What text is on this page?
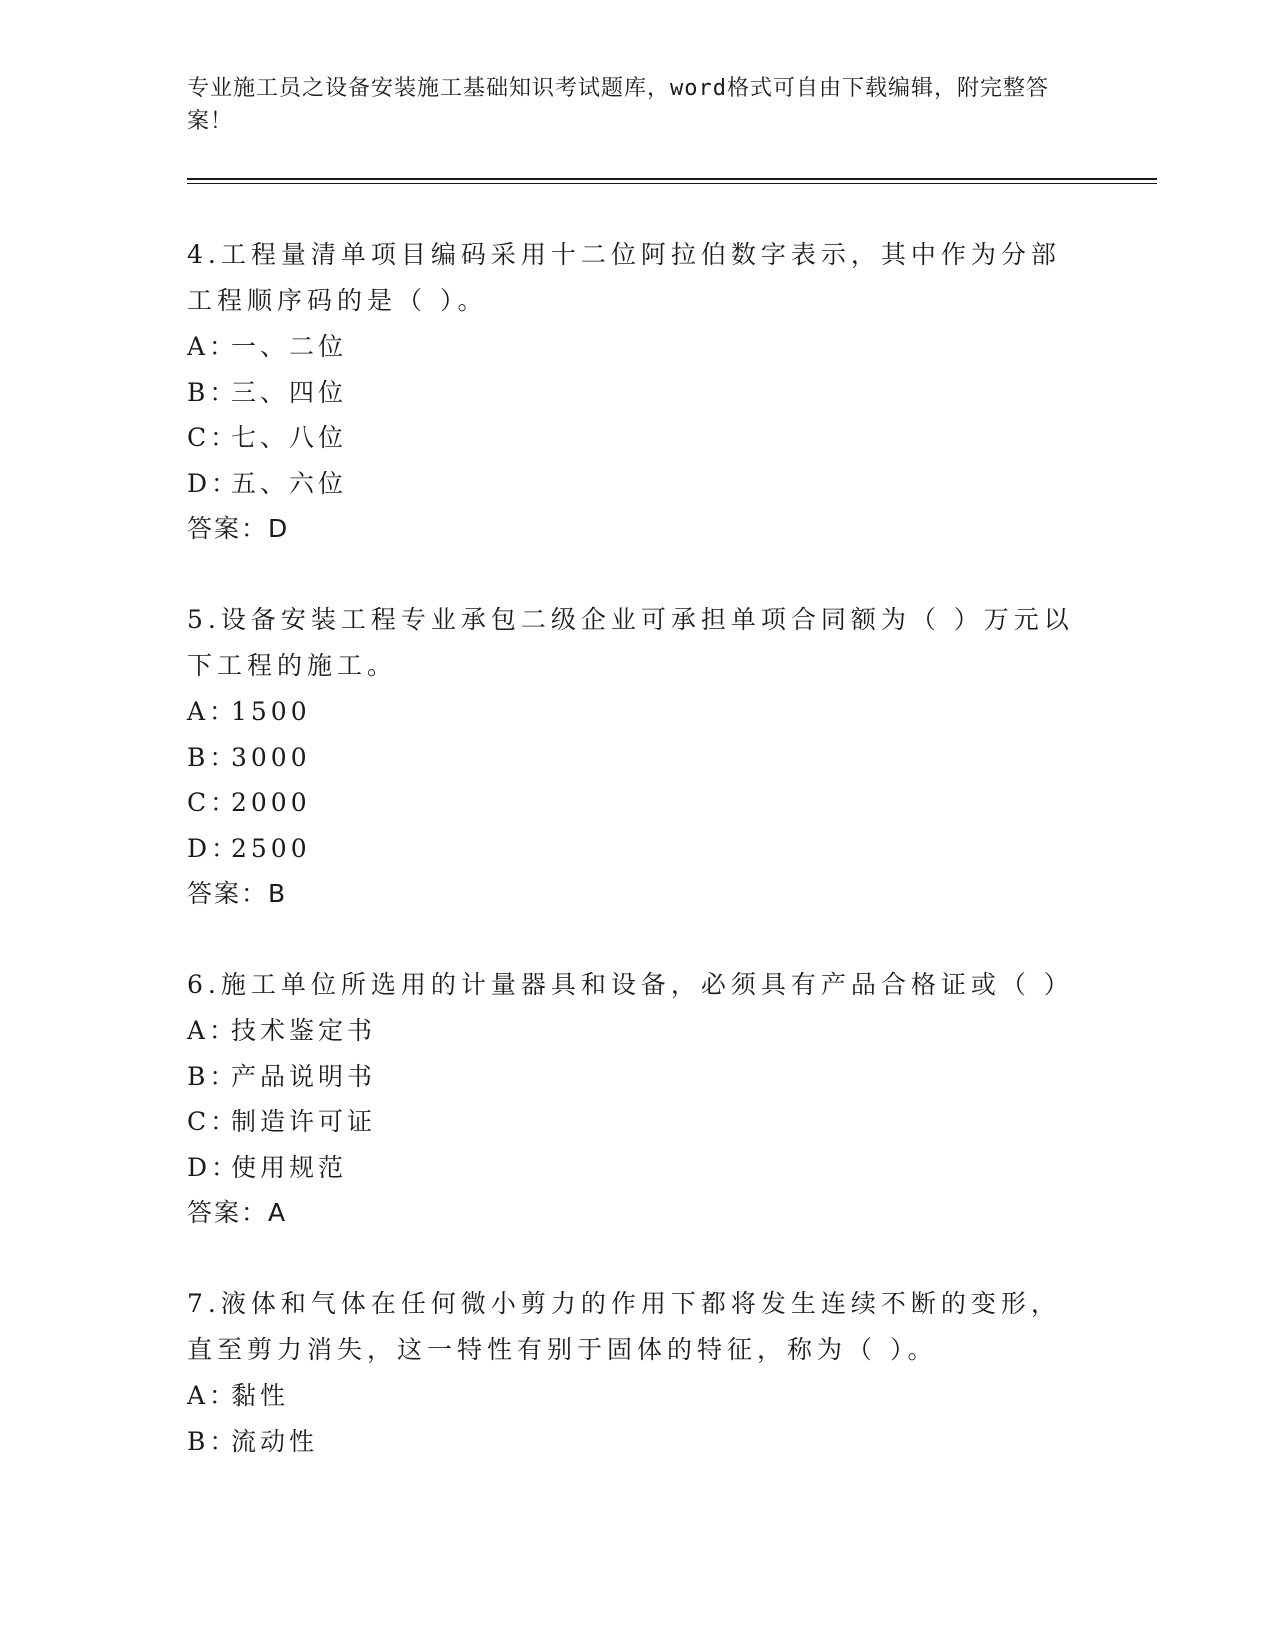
专业施工员之设备安装施工基础知识考试题库，word格式可自由下载编辑，附完整答案！
4.工程量清单项目编码采用十二位阿拉伯数字表示，其中作为分部工程顺序码的是（ ）。
A：
一、二位
B：
三、四位
C：
七、八位
D：
五、六位
答案：D
5.设备安装工程专业承包二级企业可承担单项合同额为（ ）万元以下工程的施工。
A：
1500
B：
3000
C：
2000
D：
2500
答案：B
6.施工单位所选用的计量器具和设备，必须具有产品合格证或（ ）
A：
技术鉴定书
B：
产品说明书
C：
制造许可证
D：
使用规范
答案：A
7.液体和气体在任何微小剪力的作用下都将发生连续不断的变形，直至剪力消失，这一特性有别于固体的特征，称为（ ）。
A：
黏性
B：
流动性
